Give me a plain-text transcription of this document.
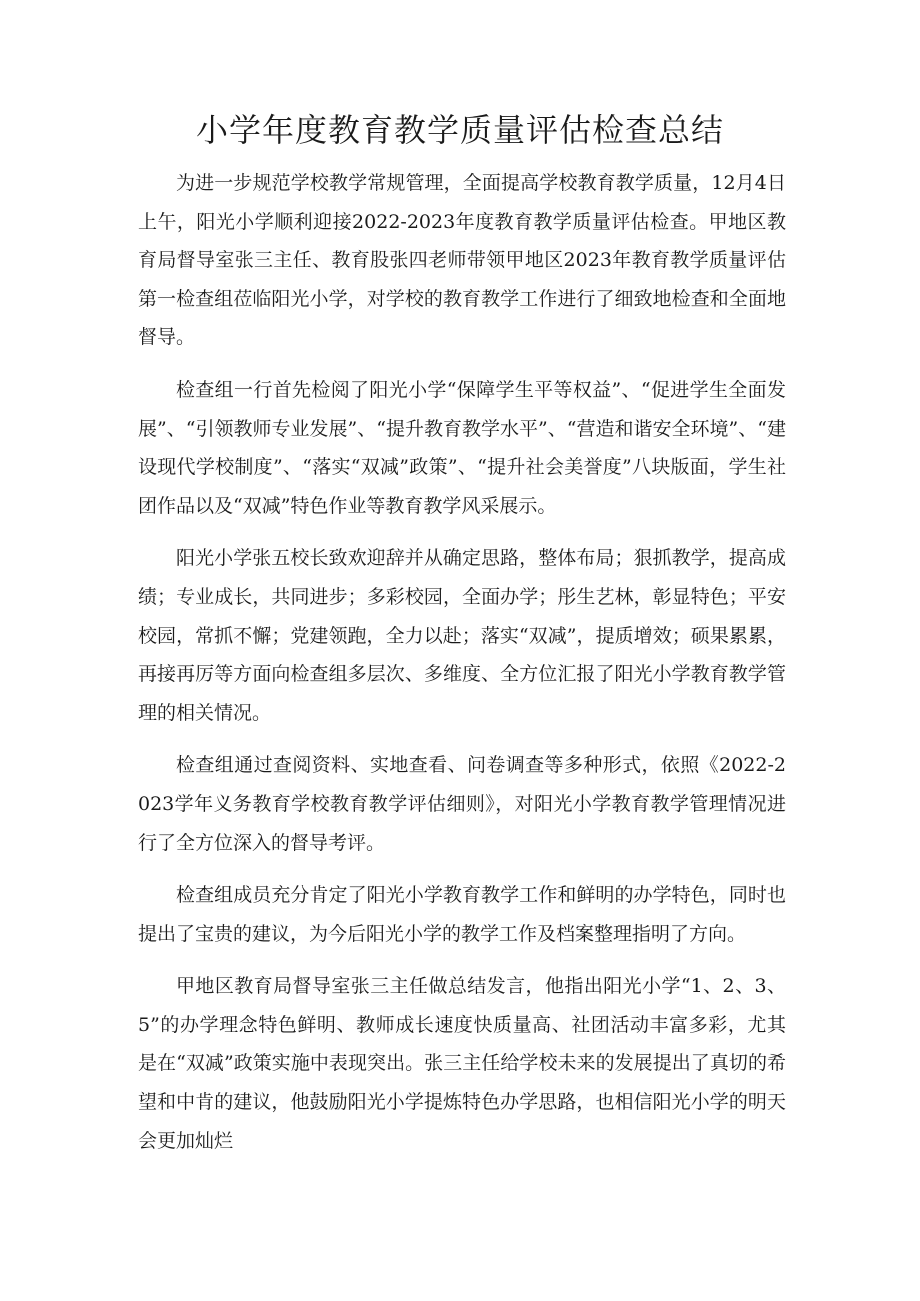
小学年度教育教学质量评估检查总结

为进一步规范学校教学常规管理，全面提高学校教育教学质量，12月4日上午，阳光小学顺利迎接2022-2023年度教育教学质量评估检查。甲地区教育局督导室张三主任、教育股张四老师带领甲地区2023年教育教学质量评估第一检查组莅临阳光小学，对学校的教育教学工作进行了细致地检查和全面地督导。

检查组一行首先检阅了阳光小学“保障学生平等权益”、“促进学生全面发展”、“引领教师专业发展”、“提升教育教学水平”、“营造和谐安全环境”、“建设现代学校制度”、“落实“双减”政策”、“提升社会美誉度”八块版面，学生社团作品以及“双减”特色作业等教育教学风采展示。

阳光小学张五校长致欢迎辞并从确定思路，整体布局；狠抓教学，提高成绩；专业成长，共同进步；多彩校园，全面办学；彤生艺林，彰显特色；平安校园，常抓不懈；党建领跑，全力以赴；落实“双减”，提质增效；硕果累累，再接再厉等方面向检查组多层次、多维度、全方位汇报了阳光小学教育教学管理的相关情况。

检查组通过查阅资料、实地查看、问卷调查等多种形式，依照《2022-2023学年义务教育学校教育教学评估细则》，对阳光小学教育教学管理情况进行了全方位深入的督导考评。

检查组成员充分肯定了阳光小学教育教学工作和鲜明的办学特色，同时也提出了宝贵的建议，为今后阳光小学的教学工作及档案整理指明了方向。

甲地区教育局督导室张三主任做总结发言，他指出阳光小学“1、2、3、5”的办学理念特色鲜明、教师成长速度快质量高、社团活动丰富多彩，尤其是在“双减”政策实施中表现突出。张三主任给学校未来的发展提出了真切的希望和中肯的建议，他鼓励阳光小学提炼特色办学思路，也相信阳光小学的明天会更加灿烂
